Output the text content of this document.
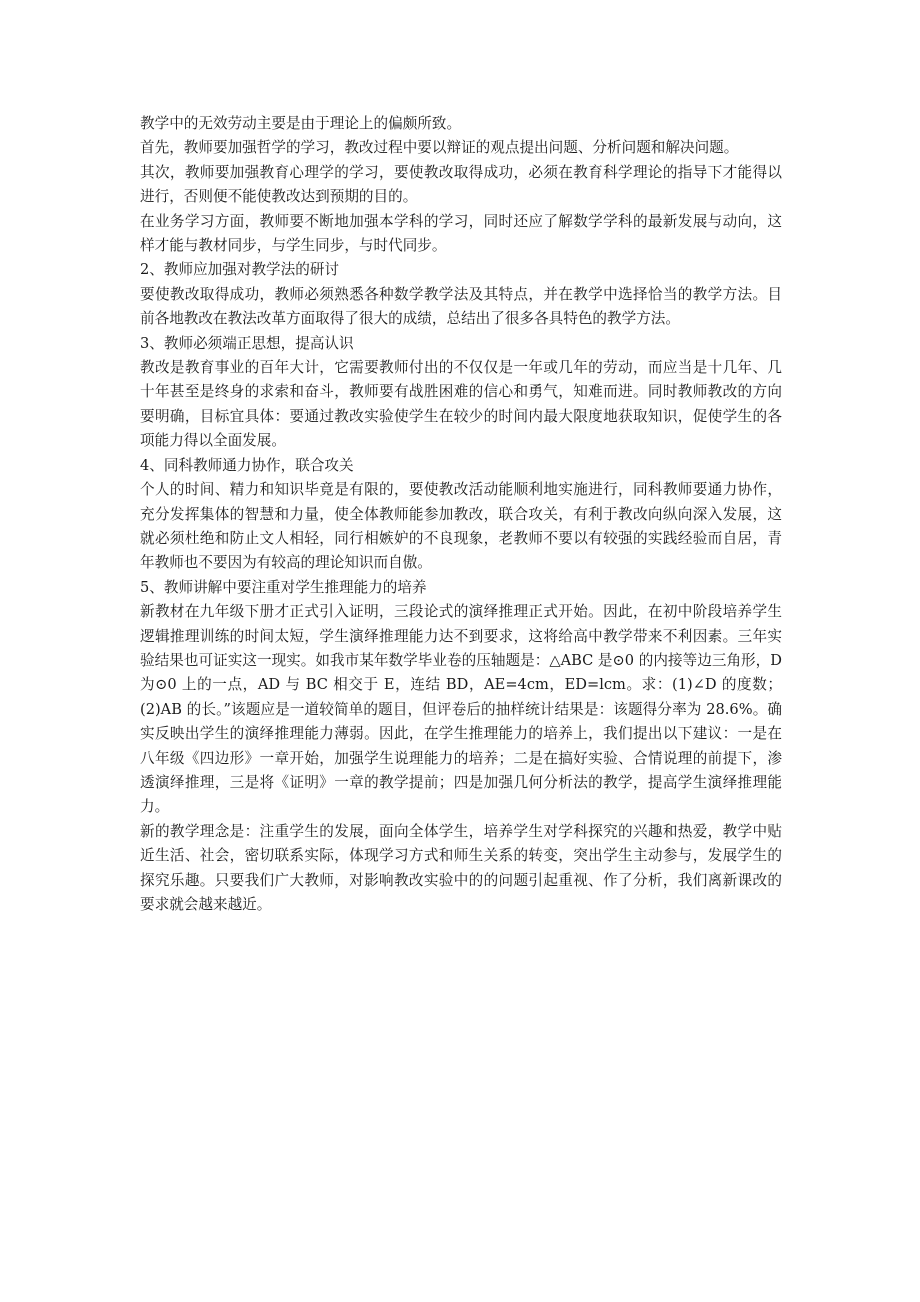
教学中的无效劳动主要是由于理论上的偏颇所致。

首先，教师要加强哲学的学习，教改过程中要以辩证的观点提出问题、分析问题和解决问题。

其次，教师要加强教育心理学的学习，要使教改取得成功，必须在教育科学理论的指导下才能得以进行，否则便不能使教改达到预期的目的。

在业务学习方面，教师要不断地加强本学科的学习，同时还应了解数学学科的最新发展与动向，这样才能与教材同步，与学生同步，与时代同步。

2、教师应加强对教学法的研讨

要使教改取得成功，教师必须熟悉各种数学教学法及其特点，并在教学中选择恰当的教学方法。目前各地教改在教法改革方面取得了很大的成绩，总结出了很多各具特色的教学方法。

3、教师必须端正思想，提高认识

教改是教育事业的百年大计，它需要教师付出的不仅仅是一年或几年的劳动，而应当是十几年、几十年甚至是终身的求索和奋斗，教师要有战胜困难的信心和勇气，知难而进。同时教师教改的方向要明确，目标宜具体：要通过教改实验使学生在较少的时间内最大限度地获取知识，促使学生的各项能力得以全面发展。

4、同科教师通力协作，联合攻关

个人的时间、精力和知识毕竟是有限的，要使教改活动能顺利地实施进行，同科教师要通力协作，充分发挥集体的智慧和力量，使全体教师能参加教改，联合攻关，有利于教改向纵向深入发展，这就必须杜绝和防止文人相轻，同行相嫉妒的不良现象，老教师不要以有较强的实践经验而自居，青年教师也不要因为有较高的理论知识而自傲。

5、教师讲解中要注重对学生推理能力的培养

新教材在九年级下册才正式引入证明，三段论式的演绎推理正式开始。因此，在初中阶段培养学生逻辑推理训练的时间太短，学生演绎推理能力达不到要求，这将给高中教学带来不利因素。三年实验结果也可证实这一现实。如我市某年数学毕业卷的压轴题是：△ABC 是⊙0 的内接等边三角形，D 为⊙0 上的一点，AD 与 BC 相交于 E，连结 BD，AE=4cm，ED=lcm。求：(1)∠D 的度数；(2)AB 的长。”该题应是一道较简单的题目，但评卷后的抽样统计结果是：该题得分率为 28.6%。确实反映出学生的演绎推理能力薄弱。因此，在学生推理能力的培养上，我们提出以下建议：一是在八年级《四边形》一章开始，加强学生说理能力的培养；二是在搞好实验、合情说理的前提下，渗透演绎推理，三是将《证明》一章的教学提前；四是加强几何分析法的教学，提高学生演绎推理能力。

新的教学理念是：注重学生的发展，面向全体学生，培养学生对学科探究的兴趣和热爱，教学中贴近生活、社会，密切联系实际，体现学习方式和师生关系的转变，突出学生主动参与，发展学生的探究乐趣。只要我们广大教师，对影响教改实验中的的问题引起重视、作了分析，我们离新课改的要求就会越来越近。
